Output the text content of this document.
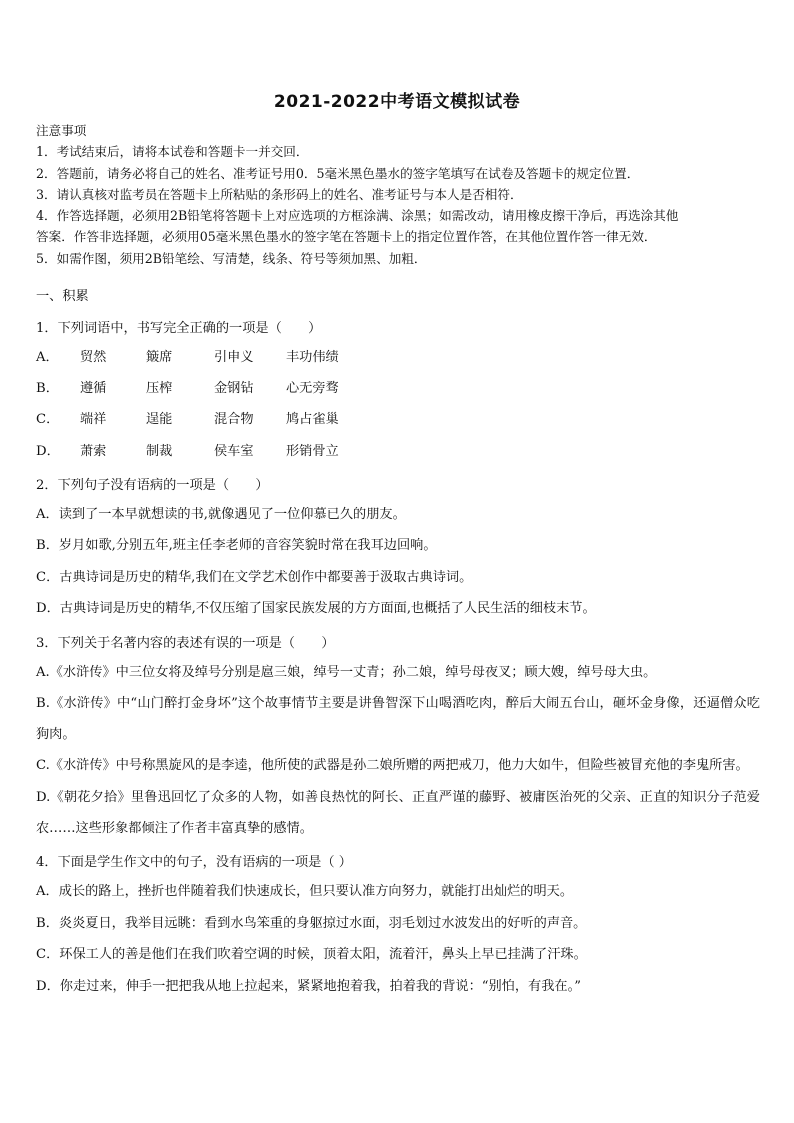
2021-2022中考语文模拟试卷
注意事项
1．考试结束后，请将本试卷和答题卡一并交回．
2．答题前，请务必将自己的姓名、准考证号用0．5毫米黑色墨水的签字笔填写在试卷及答题卡的规定位置．
3．请认真核对监考员在答题卡上所粘贴的条形码上的姓名、准考证号与本人是否相符．
4．作答选择题，必须用2B铅笔将答题卡上对应选项的方框涂满、涂黑；如需改动，请用橡皮擦干净后，再选涂其他
答案．作答非选择题，必须用05毫米黑色墨水的签字笔在答题卡上的指定位置作答，在其他位置作答一律无效．
5．如需作图，须用2B铅笔绘、写清楚，线条、符号等须加黑、加粗．
一、积累
1．下列词语中，书写完全正确的一项是（　　）
A．	贸然	簸席	引申义	丰功伟绩
B．	遵循	压榨	金钢钻	心无旁骛
C．	端祥	逞能	混合物	鸠占雀巢
D．	萧索	制裁	侯车室	形销骨立
2．下列句子没有语病的一项是（　　）
A．读到了一本早就想读的书,就像遇见了一位仰慕已久的朋友。
B．岁月如歌,分别五年,班主任李老师的音容笑貌时常在我耳边回响。
C．古典诗词是历史的精华,我们在文学艺术创作中都要善于汲取古典诗词。
D．古典诗词是历史的精华,不仅压缩了国家民族发展的方方面面,也概括了人民生活的细枝末节。
3．下列关于名著内容的表述有误的一项是（　　）
A.《水浒传》中三位女将及绰号分别是扈三娘，绰号一丈青；孙二娘，绰号母夜叉；顾大嫂，绰号母大虫。
B.《水浒传》中“山门醉打金身坏”这个故事情节主要是讲鲁智深下山喝酒吃肉，醉后大闹五台山，砸坏金身像，还逼僧众吃狗肉。
C.《水浒传》中号称黑旋风的是李逵，他所使的武器是孙二娘所赠的两把戒刀，他力大如牛，但险些被冒充他的李鬼所害。
D.《朝花夕拾》里鲁迅回忆了众多的人物，如善良热忱的阿长、正直严谨的藤野、被庸医治死的父亲、正直的知识分子范爱农……这些形象都倾注了作者丰富真挚的感情。
4．下面是学生作文中的句子，没有语病的一项是（ ）
A．成长的路上，挫折也伴随着我们快速成长，但只要认准方向努力，就能打出灿烂的明天。
B．炎炎夏日，我举目远眺：看到水鸟笨重的身躯掠过水面，羽毛划过水波发出的好听的声音。
C．环保工人的善是他们在我们吹着空调的时候，顶着太阳，流着汗，鼻头上早已挂满了汗珠。
D．你走过来，伸手一把把我从地上拉起来，紧紧地抱着我，拍着我的背说：“别怕，有我在。”
